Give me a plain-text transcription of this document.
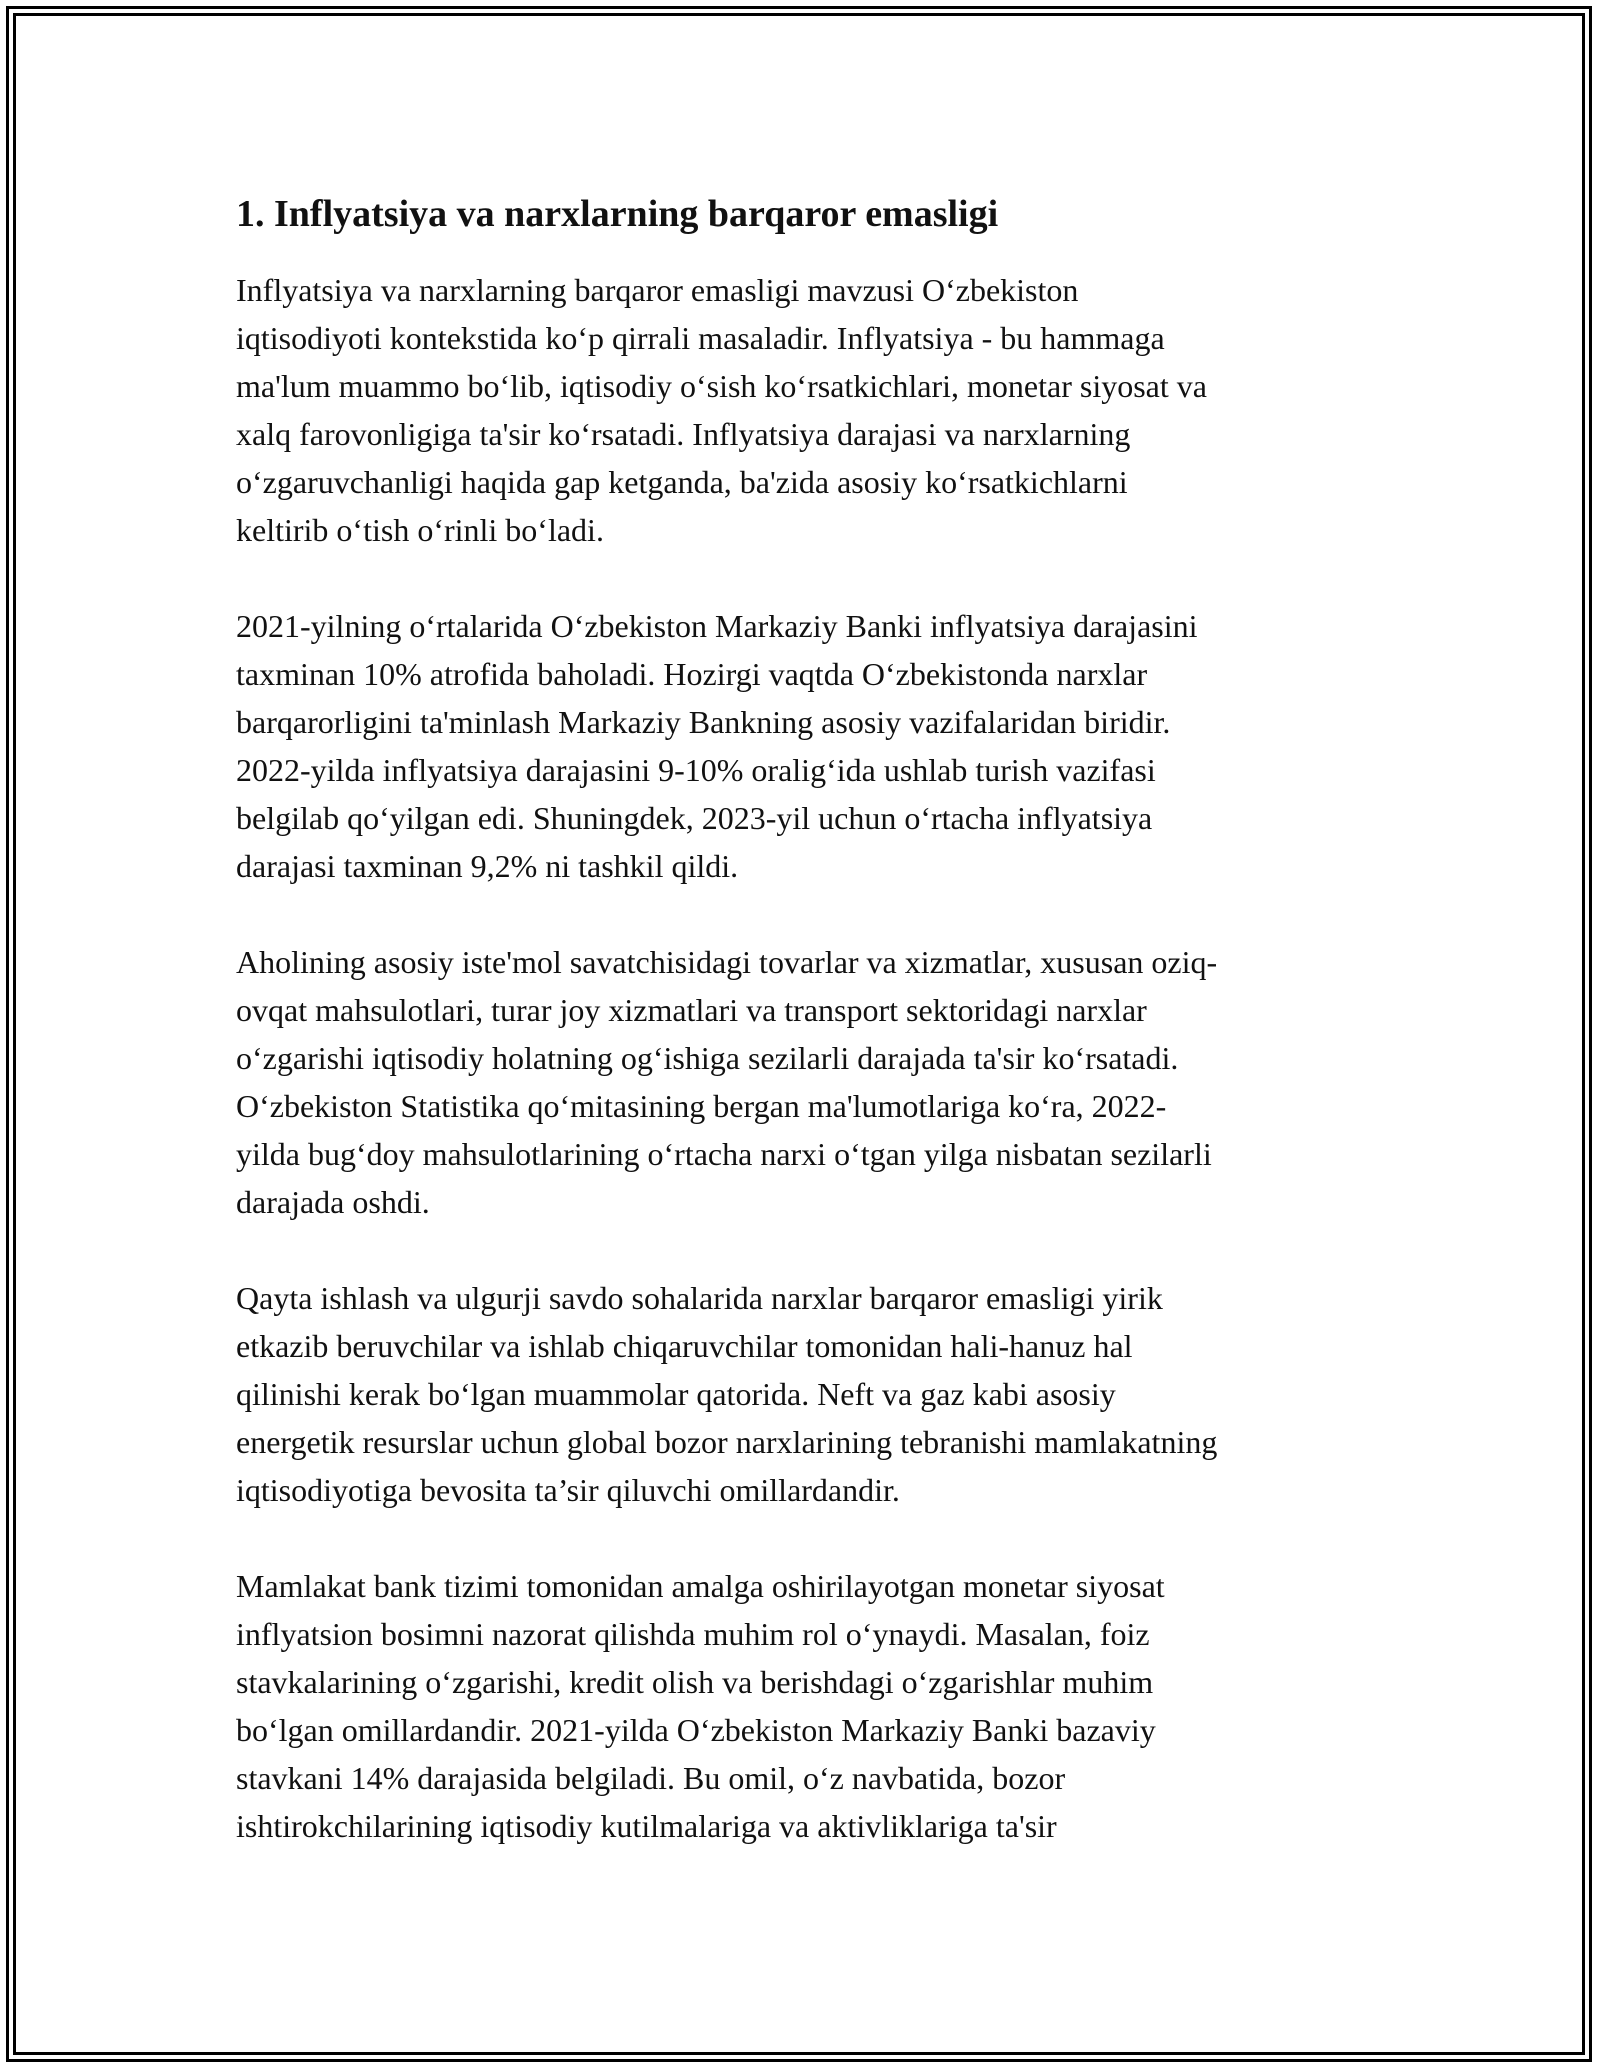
1. Inflyatsiya va narxlarning barqaror emasligi

Inflyatsiya va narxlarning barqaror emasligi mavzusi O‘zbekiston
iqtisodiyoti kontekstida ko‘p qirrali masaladir. Inflyatsiya - bu hammaga
ma'lum muammo bo‘lib, iqtisodiy o‘sish ko‘rsatkichlari, monetar siyosat va
xalq farovonligiga ta'sir ko‘rsatadi. Inflyatsiya darajasi va narxlarning
o‘zgaruvchanligi haqida gap ketganda, ba'zida asosiy ko‘rsatkichlarni
keltirib o‘tish o‘rinli bo‘ladi.

2021-yilning o‘rtalarida O‘zbekiston Markaziy Banki inflyatsiya darajasini
taxminan 10% atrofida baholadi. Hozirgi vaqtda O‘zbekistonda narxlar
barqarorligini ta'minlash Markaziy Bankning asosiy vazifalaridan biridir.
2022-yilda inflyatsiya darajasini 9-10% oralig‘ida ushlab turish vazifasi
belgilab qo‘yilgan edi. Shuningdek, 2023-yil uchun o‘rtacha inflyatsiya
darajasi taxminan 9,2% ni tashkil qildi.

Aholining asosiy iste'mol savatchisidagi tovarlar va xizmatlar, xususan oziq-
ovqat mahsulotlari, turar joy xizmatlari va transport sektoridagi narxlar
o‘zgarishi iqtisodiy holatning og‘ishiga sezilarli darajada ta'sir ko‘rsatadi.
O‘zbekiston Statistika qo‘mitasining bergan ma'lumotlariga ko‘ra, 2022-
yilda bug‘doy mahsulotlarining o‘rtacha narxi o‘tgan yilga nisbatan sezilarli
darajada oshdi.

Qayta ishlash va ulgurji savdo sohalarida narxlar barqaror emasligi yirik
etkazib beruvchilar va ishlab chiqaruvchilar tomonidan hali-hanuz hal
qilinishi kerak bo‘lgan muammolar qatorida. Neft va gaz kabi asosiy
energetik resurslar uchun global bozor narxlarining tebranishi mamlakatning
iqtisodiyotiga bevosita ta’sir qiluvchi omillardandir.

Mamlakat bank tizimi tomonidan amalga oshirilayotgan monetar siyosat
inflyatsion bosimni nazorat qilishda muhim rol o‘ynaydi. Masalan, foiz
stavkalarining o‘zgarishi, kredit olish va berishdagi o‘zgarishlar muhim
bo‘lgan omillardandir. 2021-yilda O‘zbekiston Markaziy Banki bazaviy
stavkani 14% darajasida belgiladi. Bu omil, o‘z navbatida, bozor
ishtirokchilarining iqtisodiy kutilmalariga va aktivliklariga ta'sir
